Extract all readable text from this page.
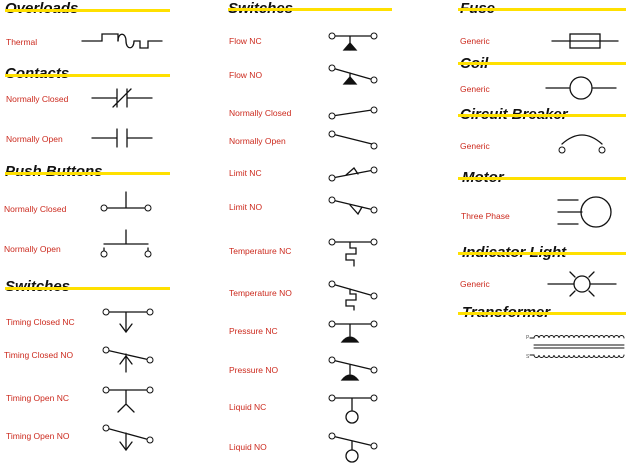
Thermal
Normally Closed
Normally Open
Normally Closed
Normally Open
Timing Closed NC
Timing Closed NO
Timing Open NC
Timing Open NO
Flow NC
Flow NO
Normally Closed
Normally Open
Limit NC
Limit NO
Temperature NC
Temperature NO
Pressure NC
Pressure NO
Liquid NC
Liquid NO
Generic
Generic
Generic
Three Phase
Generic
P
S
